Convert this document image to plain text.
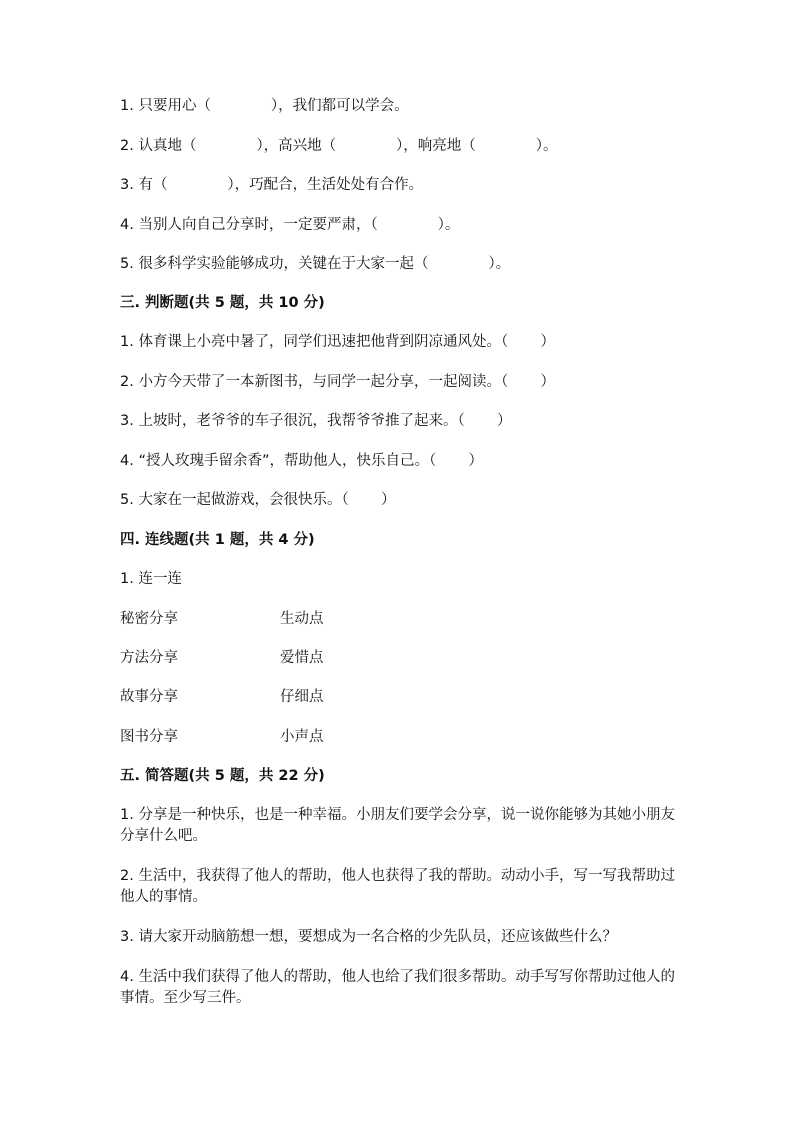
1. 只要用心（             ），我们都可以学会。
2. 认真地（             ），高兴地（             ），响亮地（             ）。
3. 有（             ），巧配合，生活处处有合作。
4. 当别人向自己分享时，一定要严肃，（             ）。
5. 很多科学实验能够成功，关键在于大家一起（             ）。
三. 判断题(共 5 题，共 10 分)
1. 体育课上小亮中暑了，同学们迅速把他背到阴凉通风处。（       ）
2. 小方今天带了一本新图书，与同学一起分享，一起阅读。（       ）
3. 上坡时，老爷爷的车子很沉，我帮爷爷推了起来。（       ）
4. “授人玫瑰手留余香”，帮助他人，快乐自己。（       ）
5. 大家在一起做游戏，会很快乐。（       ）
四. 连线题(共 1 题，共 4 分)
1. 连一连
秘密分享	生动点
方法分享	爱惜点
故事分享	仔细点
图书分享	小声点
五. 简答题(共 5 题，共 22 分)
1. 分享是一种快乐，也是一种幸福。小朋友们要学会分享，说一说你能够为其她小朋友分享什么吧。
2. 生活中，我获得了他人的帮助，他人也获得了我的帮助。动动小手，写一写我帮助过他人的事情。
3. 请大家开动脑筋想一想，要想成为一名合格的少先队员，还应该做些什么？
4. 生活中我们获得了他人的帮助，他人也给了我们很多帮助。动手写写你帮助过他人的事情。至少写三件。
